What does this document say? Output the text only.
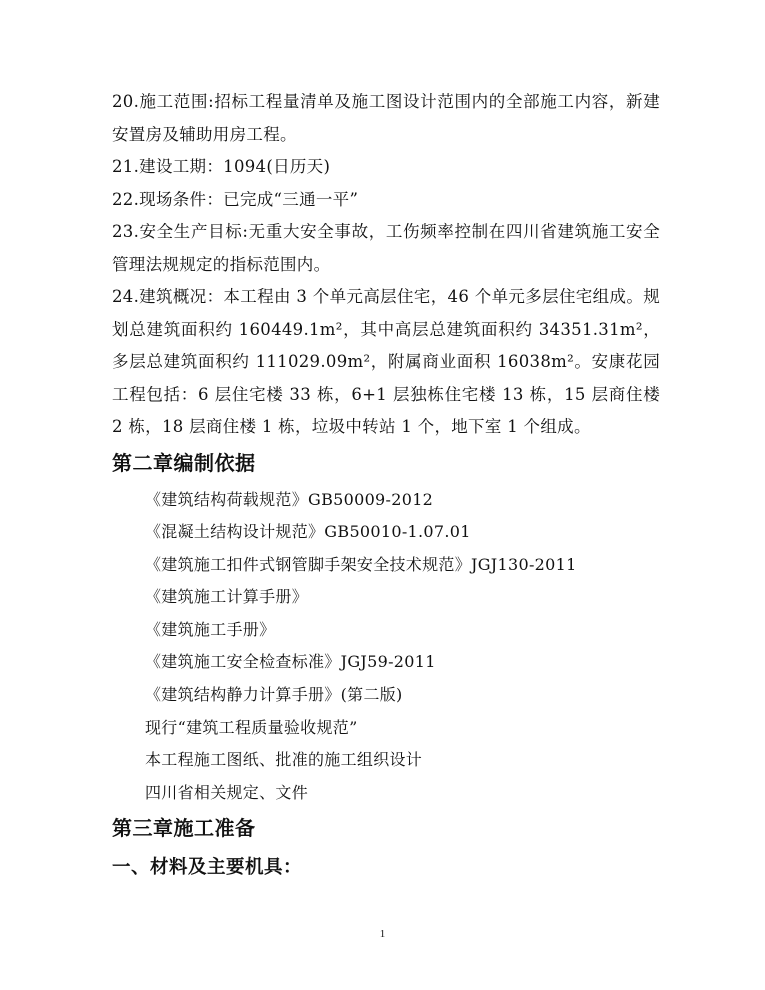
20.施工范围:招标工程量清单及施工图设计范围内的全部施工内容，新建安置房及辅助用房工程。

21.建设工期：1094(日历天)

22.现场条件：已完成“三通一平”

23.安全生产目标:无重大安全事故，工伤频率控制在四川省建筑施工安全管理法规规定的指标范围内。

24.建筑概况：本工程由 3 个单元高层住宅，46 个单元多层住宅组成。规划总建筑面积约 160449.1m²，其中高层总建筑面积约 34351.31m²，多层总建筑面积约 111029.09m²，附属商业面积 16038m²。安康花园工程包括：6 层住宅楼 33 栋，6+1 层独栋住宅楼 13 栋，15 层商住楼 2 栋，18 层商住楼 1 栋，垃圾中转站 1 个，地下室 1 个组成。

第二章编制依据
《建筑结构荷载规范》GB50009-2012
《混凝土结构设计规范》GB50010-1.07.01
《建筑施工扣件式钢管脚手架安全技术规范》JGJ130-2011
《建筑施工计算手册》
《建筑施工手册》
《建筑施工安全检查标准》JGJ59-2011
《建筑结构静力计算手册》(第二版)
现行“建筑工程质量验收规范”
本工程施工图纸、批准的施工组织设计
四川省相关规定、文件
第三章施工准备
一、材料及主要机具：
1
